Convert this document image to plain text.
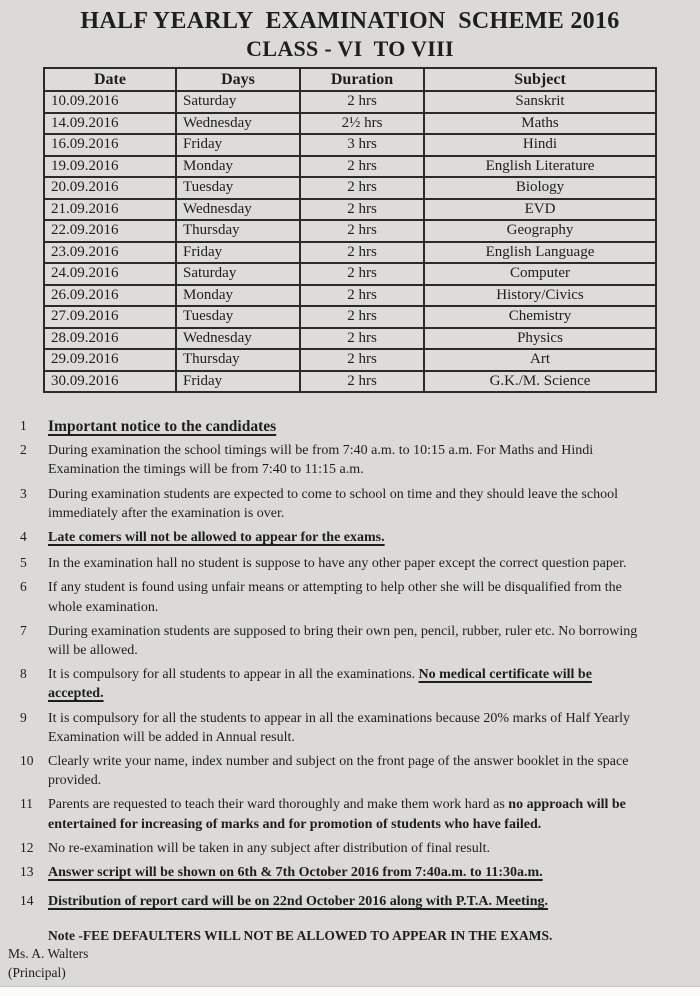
HALF YEARLY  EXAMINATION  SCHEME 2016
CLASS - VI  TO VIII
Date	Days	Duration	Subject
10.09.2016	Saturday	2 hrs	Sanskrit
14.09.2016	Wednesday	2½ hrs	Maths
16.09.2016	Friday	3 hrs	Hindi
19.09.2016	Monday	2 hrs	English Literature
20.09.2016	Tuesday	2 hrs	Biology
21.09.2016	Wednesday	2 hrs	EVD
22.09.2016	Thursday	2 hrs	Geography
23.09.2016	Friday	2 hrs	English Language
24.09.2016	Saturday	2 hrs	Computer
26.09.2016	Monday	2 hrs	History/Civics
27.09.2016	Tuesday	2 hrs	Chemistry
28.09.2016	Wednesday	2 hrs	Physics
29.09.2016	Thursday	2 hrs	Art
30.09.2016	Friday	2 hrs	G.K./M. Science
1	Important notice to the candidates
2	During examination the school timings will be from 7:40 a.m. to 10:15 a.m. For Maths and Hindi Examination the timings will be from 7:40 to 11:15 a.m.
3	During examination students are expected to come to school on time and they should leave the school immediately after the examination is over.
4	Late comers will not be allowed to appear for the exams.
5	In the examination hall no student is suppose to have any other paper except the correct question paper.
6	If any student is found using unfair means or attempting to help other she will be disqualified from the whole examination.
7	During examination students are supposed to bring their own pen, pencil, rubber, ruler etc. No borrowing will be allowed.
8	It is compulsory for all students to appear in all the examinations. No medical certificate will be accepted.
9	It is compulsory for all the students to appear in all the examinations because 20% marks of Half Yearly Examination will be added in Annual result.
10	Clearly write your name, index number and subject on the front page of the answer booklet in the space provided.
11	Parents are requested to teach their ward thoroughly and make them work hard as no approach will be entertained for increasing of marks and for promotion of students who have failed.
12	No re-examination will be taken in any subject after distribution of final result.
13	Answer script will be shown on 6th & 7th October 2016 from 7:40a.m. to 11:30a.m.
14	Distribution of report card will be on 22nd October 2016 along with P.T.A. Meeting.
Note -FEE DEFAULTERS WILL NOT BE ALLOWED TO APPEAR IN THE EXAMS.
Ms. A. Walters
(Principal)
